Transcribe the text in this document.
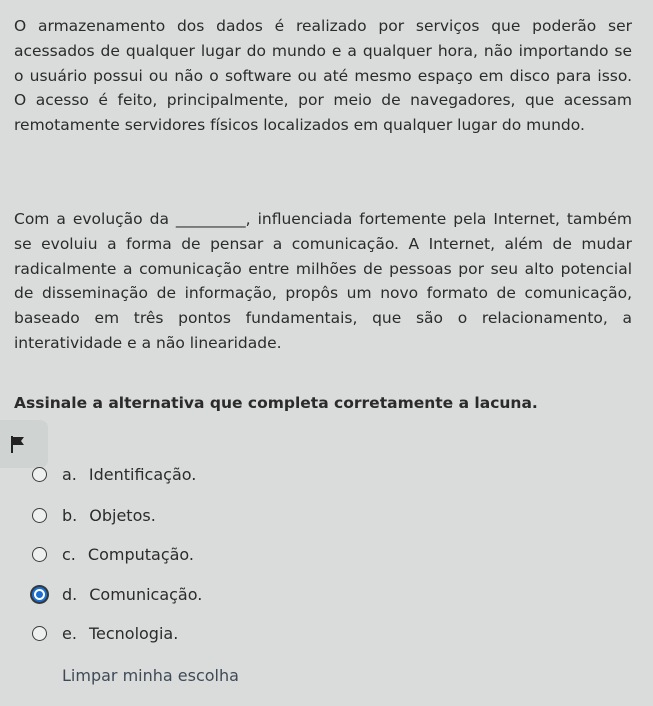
O armazenamento dos dados é realizado por serviços que poderão ser acessados de qualquer lugar do mundo e a qualquer hora, não importando se o usuário possui ou não o software ou até mesmo espaço em disco para isso. O acesso é feito, principalmente, por meio de navegadores, que acessam remotamente servidores físicos localizados em qualquer lugar do mundo.

Com a evolução da _________, influenciada fortemente pela Internet, também se evoluiu a forma de pensar a comunicação. A Internet, além de mudar radicalmente a comunicação entre milhões de pessoas por seu alto potencial de disseminação de informação, propôs um novo formato de comunicação, baseado em três pontos fundamentais, que são o relacionamento, a interatividade e a não linearidade.

Assinale a alternativa que completa corretamente a lacuna.

a. Identificação.
b. Objetos.
c. Computação.
d. Comunicação.
e. Tecnologia.
Limpar minha escolha
